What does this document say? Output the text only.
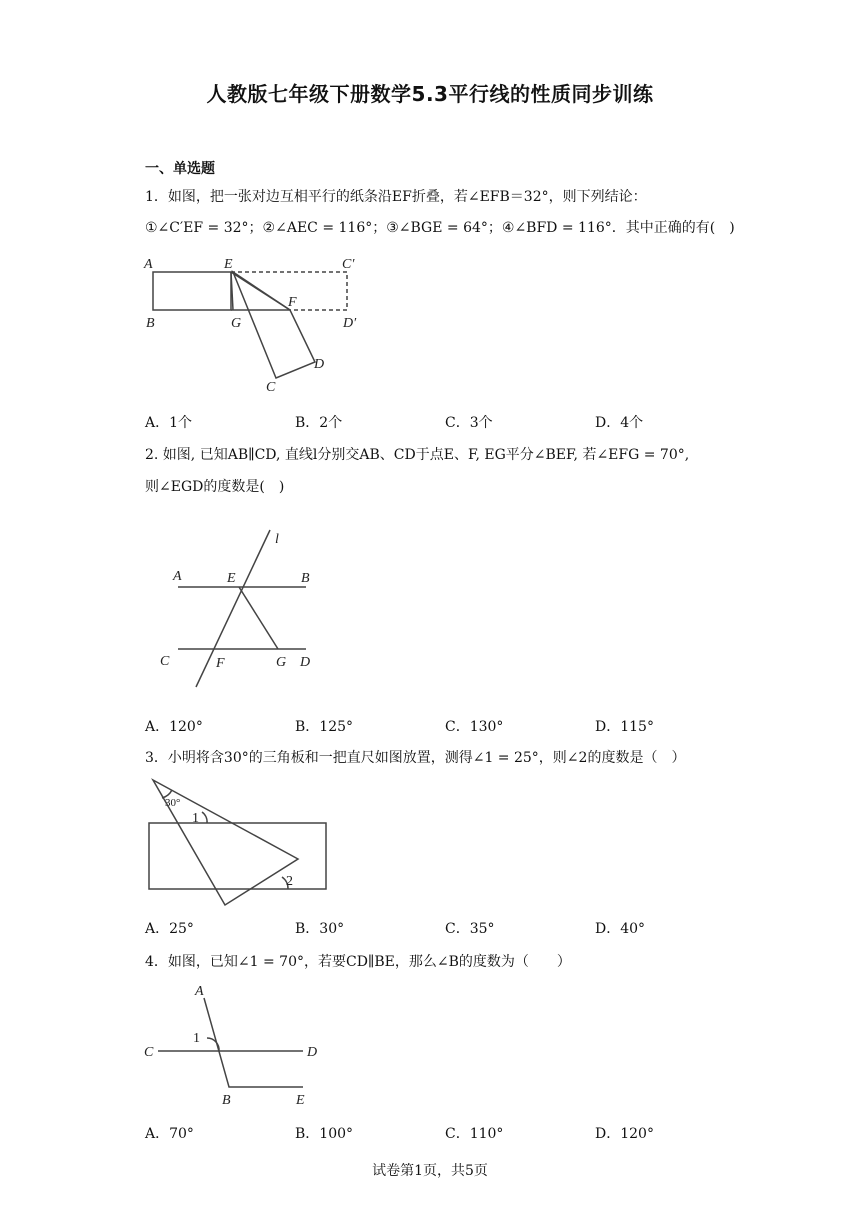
人教版七年级下册数学5.3平行线的性质同步训练
一、单选题
1．如图，把一张对边互相平行的纸条沿EF折叠，若∠EFB＝32°，则下列结论：
①∠C′EF = 32°；②∠AEC = 116°；③∠BGE = 64°；④∠BFD = 116°．其中正确的有(　)
A	E	C′
F
B	G	D′
D
C
A．1个	B．2个	C．3个	D．4个
2. 如图, 已知AB∥CD, 直线l分别交AB、CD于点E、F, EG平分∠BEF, 若∠EFG = 70°,
则∠EGD的度数是(　)
l
A	E	B
C	F	G D
A．120°	B．125°	C．130°	D．115°
3．小明将含30°的三角板和一把直尺如图放置，测得∠1 = 25°，则∠2的度数是（　）
30°
1
2
A．25°	B．30°	C．35°	D．40°
4．如图，已知∠1 = 70°，若要CD∥BE，那么∠B的度数为（　　）
A
1
C	D
B	E
A．70°	B．100°	C．110°	D．120°
试卷第1页，共5页
